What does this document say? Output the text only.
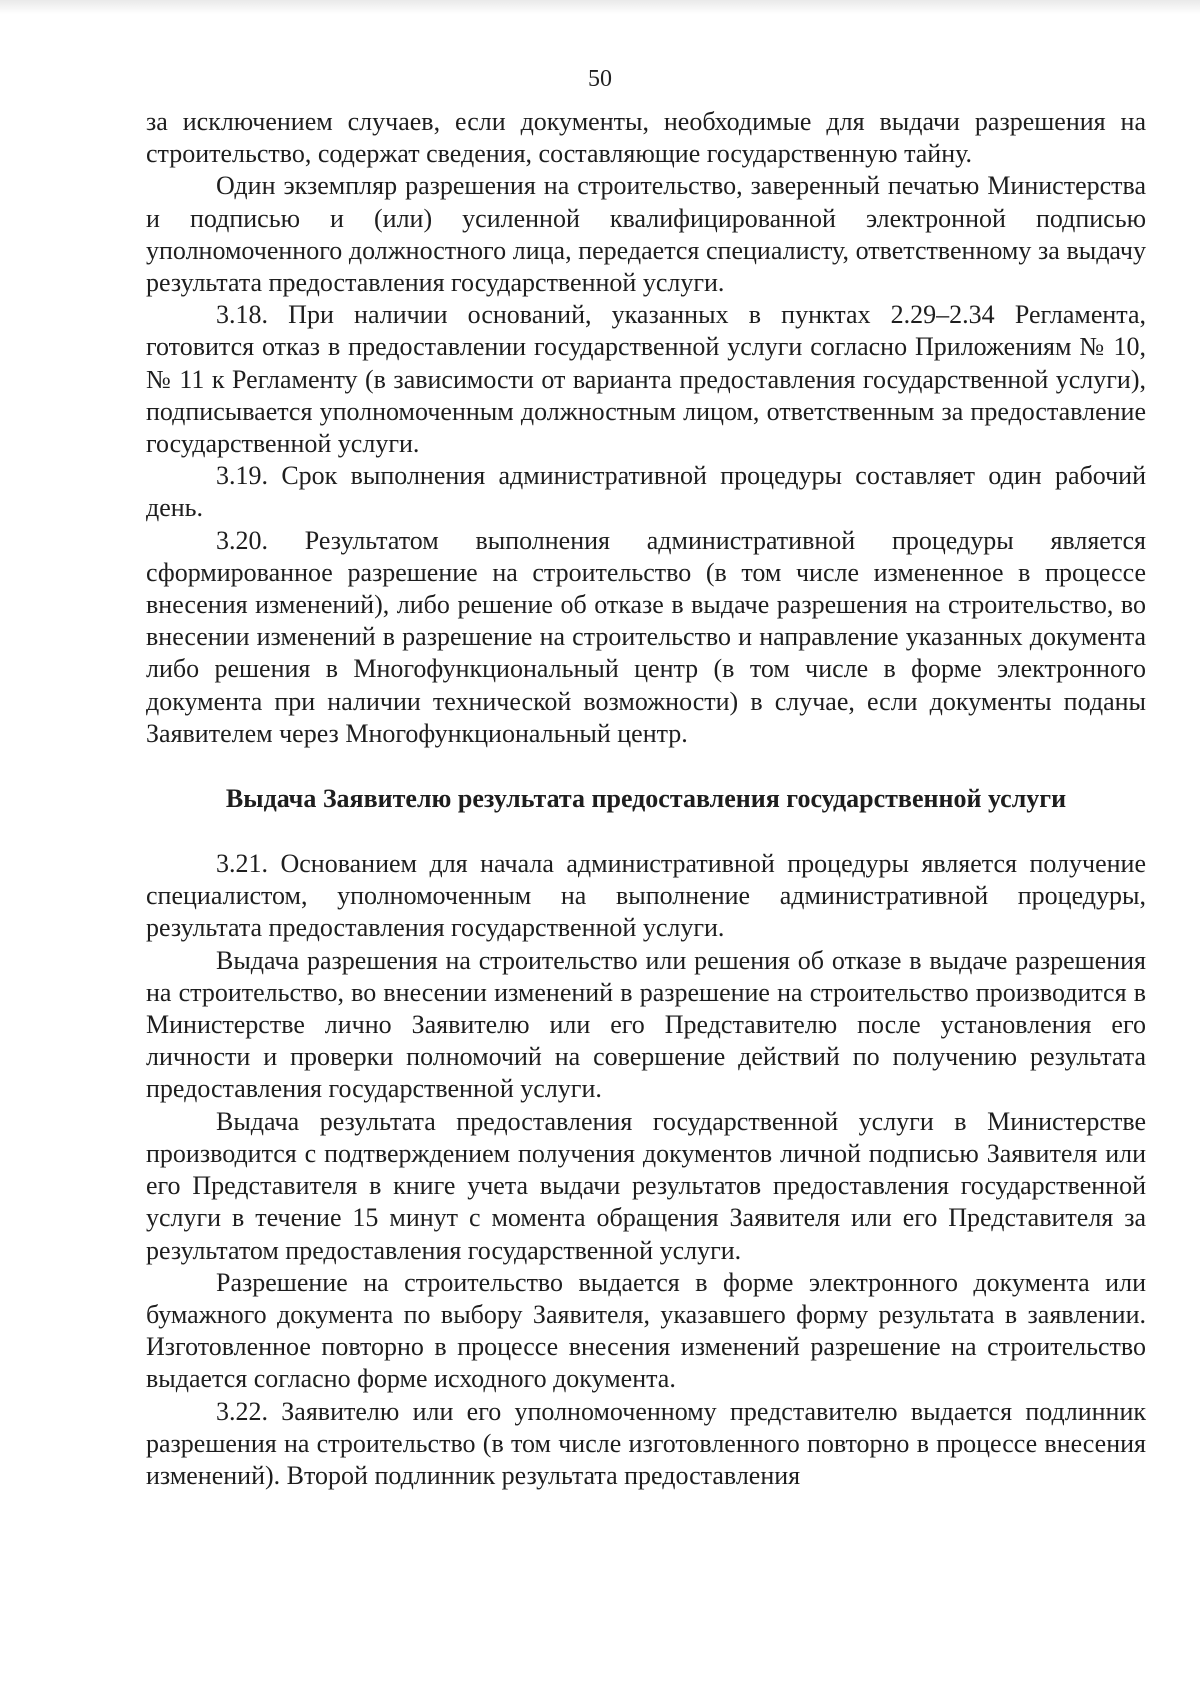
50

за исключением случаев, если документы, необходимые для выдачи разрешения на строительство, содержат сведения, составляющие государственную тайну.

Один экземпляр разрешения на строительство, заверенный печатью Министерства и подписью и (или) усиленной квалифицированной электронной подписью уполномоченного должностного лица, передается специалисту, ответственному за выдачу результата предоставления государственной услуги.

3.18. При наличии оснований, указанных в пунктах 2.29–2.34 Регламента, готовится отказ в предоставлении государственной услуги согласно Приложениям № 10, № 11 к Регламенту (в зависимости от варианта предоставления государственной услуги), подписывается уполномоченным должностным лицом, ответственным за предоставление государственной услуги.

3.19. Срок выполнения административной процедуры составляет один рабочий день.

3.20. Результатом выполнения административной процедуры является сформированное разрешение на строительство (в том числе измененное в процессе внесения изменений), либо решение об отказе в выдаче разрешения на строительство, во внесении изменений в разрешение на строительство и направление указанных документа либо решения в Многофункциональный центр (в том числе в форме электронного документа при наличии технической возможности) в случае, если документы поданы Заявителем через Многофункциональный центр.

Выдача Заявителю результата предоставления государственной услуги

3.21. Основанием для начала административной процедуры является получение специалистом, уполномоченным на выполнение административной процедуры, результата предоставления государственной услуги.

Выдача разрешения на строительство или решения об отказе в выдаче разрешения на строительство, во внесении изменений в разрешение на строительство производится в Министерстве лично Заявителю или его Представителю после установления его личности и проверки полномочий на совершение действий по получению результата предоставления государственной услуги.

Выдача результата предоставления государственной услуги в Министерстве производится с подтверждением получения документов личной подписью Заявителя или его Представителя в книге учета выдачи результатов предоставления государственной услуги в течение 15 минут с момента обращения Заявителя или его Представителя за результатом предоставления государственной услуги.

Разрешение на строительство выдается в форме электронного документа или бумажного документа по выбору Заявителя, указавшего форму результата в заявлении. Изготовленное повторно в процессе внесения изменений разрешение на строительство выдается согласно форме исходного документа.

3.22. Заявителю или его уполномоченному представителю выдается подлинник разрешения на строительство (в том числе изготовленного повторно в процессе внесения изменений). Второй подлинник результата предоставления
